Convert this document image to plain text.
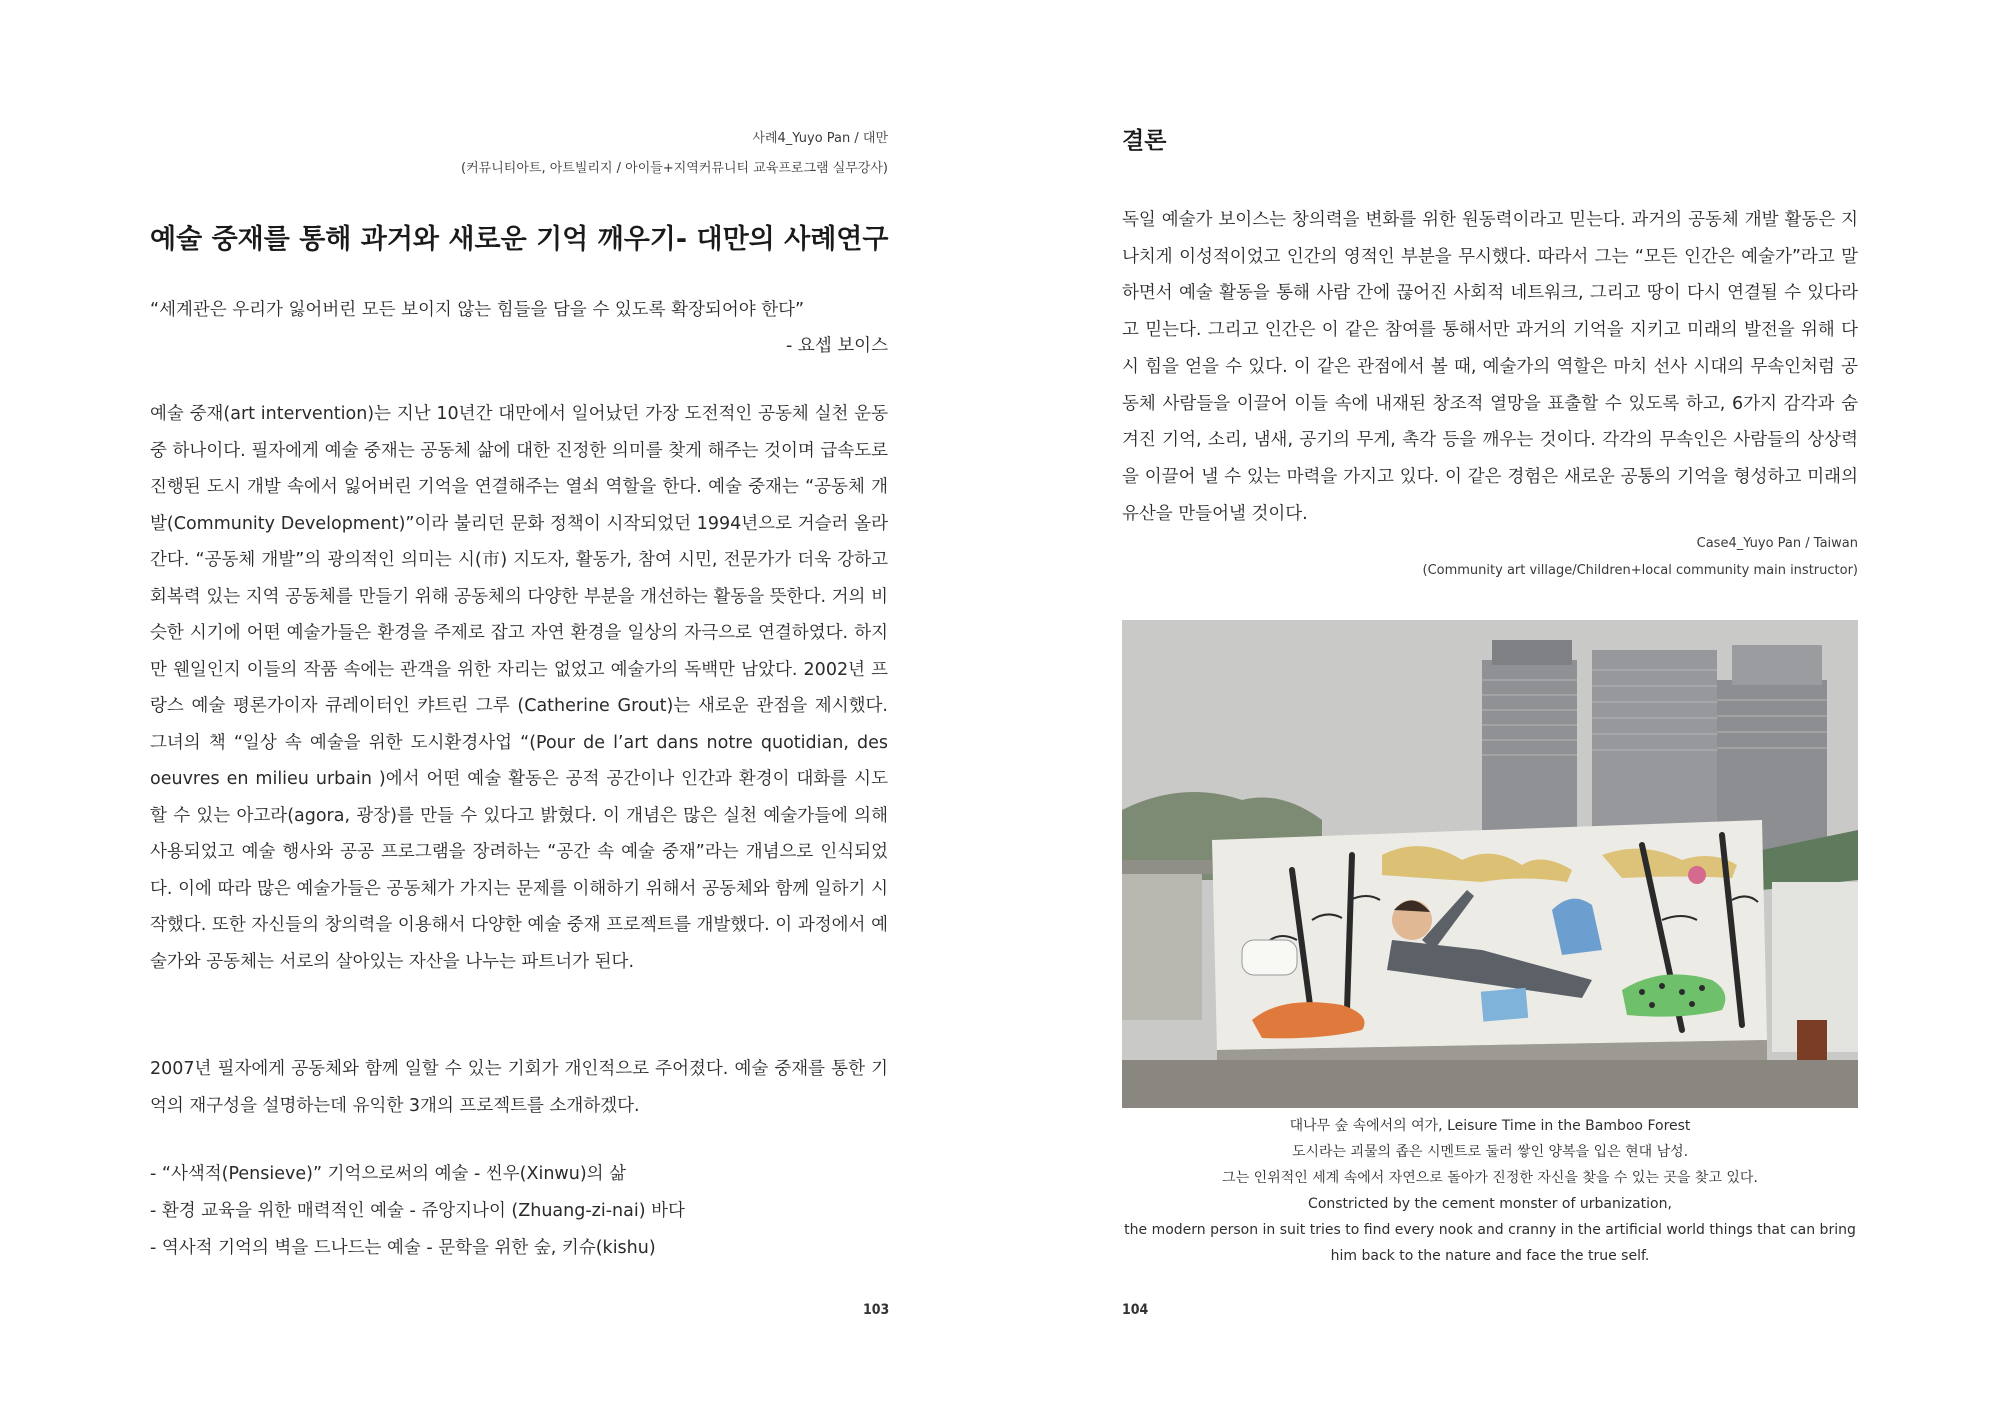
사례4_Yuyo Pan / 대만
(커뮤니티아트, 아트빌리지 / 아이들+지역커뮤니티 교육프로그램 실무강사)
예술 중재를 통해 과거와 새로운 기억 깨우기- 대만의 사례연구
“세계관은 우리가 잃어버린 모든 보이지 않는 힘들을 담을 수 있도록 확장되어야 한다”
- 요셉 보이스

예술 중재(art intervention)는 지난 10년간 대만에서 일어났던 가장 도전적인 공동체 실천 운동 중 하나이다. 필자에게 예술 중재는 공동체 삶에 대한 진정한 의미를 찾게 해주는 것이며 급속도로 진행된 도시 개발 속에서 잃어버린 기억을 연결해주는 열쇠 역할을 한다. 예술 중재는 “공동체 개발(Community Development)”이라 불리던 문화 정책이 시작되었던 1994년으로 거슬러 올라간다. “공동체 개발”의 광의적인 의미는 시(市) 지도자, 활동가, 참여 시민, 전문가가 더욱 강하고 회복력 있는 지역 공동체를 만들기 위해 공동체의 다양한 부분을 개선하는 활동을 뜻한다. 거의 비슷한 시기에 어떤 예술가들은 환경을 주제로 잡고 자연 환경을 일상의 자극으로 연결하였다. 하지만 웬일인지 이들의 작품 속에는 관객을 위한 자리는 없었고 예술가의 독백만 남았다. 2002년 프랑스 예술 평론가이자 큐레이터인 캬트린 그루 (Catherine Grout)는 새로운 관점을 제시했다. 그녀의 책 “일상 속 예술을 위한 도시환경사업 “(Pour de l’art dans notre quotidian, des oeuvres en milieu urbain )에서 어떤 예술 활동은 공적 공간이나 인간과 환경이 대화를 시도 할 수 있는 아고라(agora, 광장)를 만들 수 있다고 밝혔다. 이 개념은 많은 실천 예술가들에 의해 사용되었고 예술 행사와 공공 프로그램을 장려하는 “공간 속 예술 중재”라는 개념으로 인식되었다. 이에 따라 많은 예술가들은 공동체가 가지는 문제를 이해하기 위해서 공동체와 함께 일하기 시작했다. 또한 자신들의 창의력을 이용해서 다양한 예술 중재 프로젝트를 개발했다. 이 과정에서 예술가와 공동체는 서로의 살아있는 자산을 나누는 파트너가 된다.

2007년 필자에게 공동체와 함께 일할 수 있는 기회가 개인적으로 주어졌다. 예술 중재를 통한 기억의 재구성을 설명하는데 유익한 3개의 프로젝트를 소개하겠다.

- “사색적(Pensieve)” 기억으로써의 예술 - 씬우(Xinwu)의 삶
- 환경 교육을 위한 매력적인 예술 - 쥬앙지나이 (Zhuang-zi-nai) 바다
- 역사적 기억의 벽을 드나드는 예술 - 문학을 위한 숲, 키슈(kishu)
103
결론

독일 예술가 보이스는 창의력을 변화를 위한 원동력이라고 믿는다. 과거의 공동체 개발 활동은 지나치게 이성적이었고 인간의 영적인 부분을 무시했다. 따라서 그는 “모든 인간은 예술가”라고 말하면서 예술 활동을 통해 사람 간에 끊어진 사회적 네트워크, 그리고 땅이 다시 연결될 수 있다라고 믿는다. 그리고 인간은 이 같은 참여를 통해서만 과거의 기억을 지키고 미래의 발전을 위해 다시 힘을 얻을 수 있다. 이 같은 관점에서 볼 때, 예술가의 역할은 마치 선사 시대의 무속인처럼 공동체 사람들을 이끌어 이들 속에 내재된 창조적 열망을 표출할 수 있도록 하고, 6가지 감각과 숨겨진 기억, 소리, 냄새, 공기의 무게, 촉각 등을 깨우는 것이다. 각각의 무속인은 사람들의 상상력을 이끌어 낼 수 있는 마력을 가지고 있다. 이 같은 경험은 새로운 공통의 기억을 형성하고 미래의 유산을 만들어낼 것이다.

Case4_Yuyo Pan / Taiwan
(Community art village/Children+local community main instructor)
대나무 숲 속에서의 여가, Leisure Time in the Bamboo Forest
도시라는 괴물의 좁은 시멘트로 둘러 쌓인 양복을 입은 현대 남성.
그는 인위적인 세계 속에서 자연으로 돌아가 진정한 자신을 찾을 수 있는 곳을 찾고 있다.
Constricted by the cement monster of urbanization,
the modern person in suit tries to find every nook and cranny in the artificial world things that can bring
him back to the nature and face the true self.
104
